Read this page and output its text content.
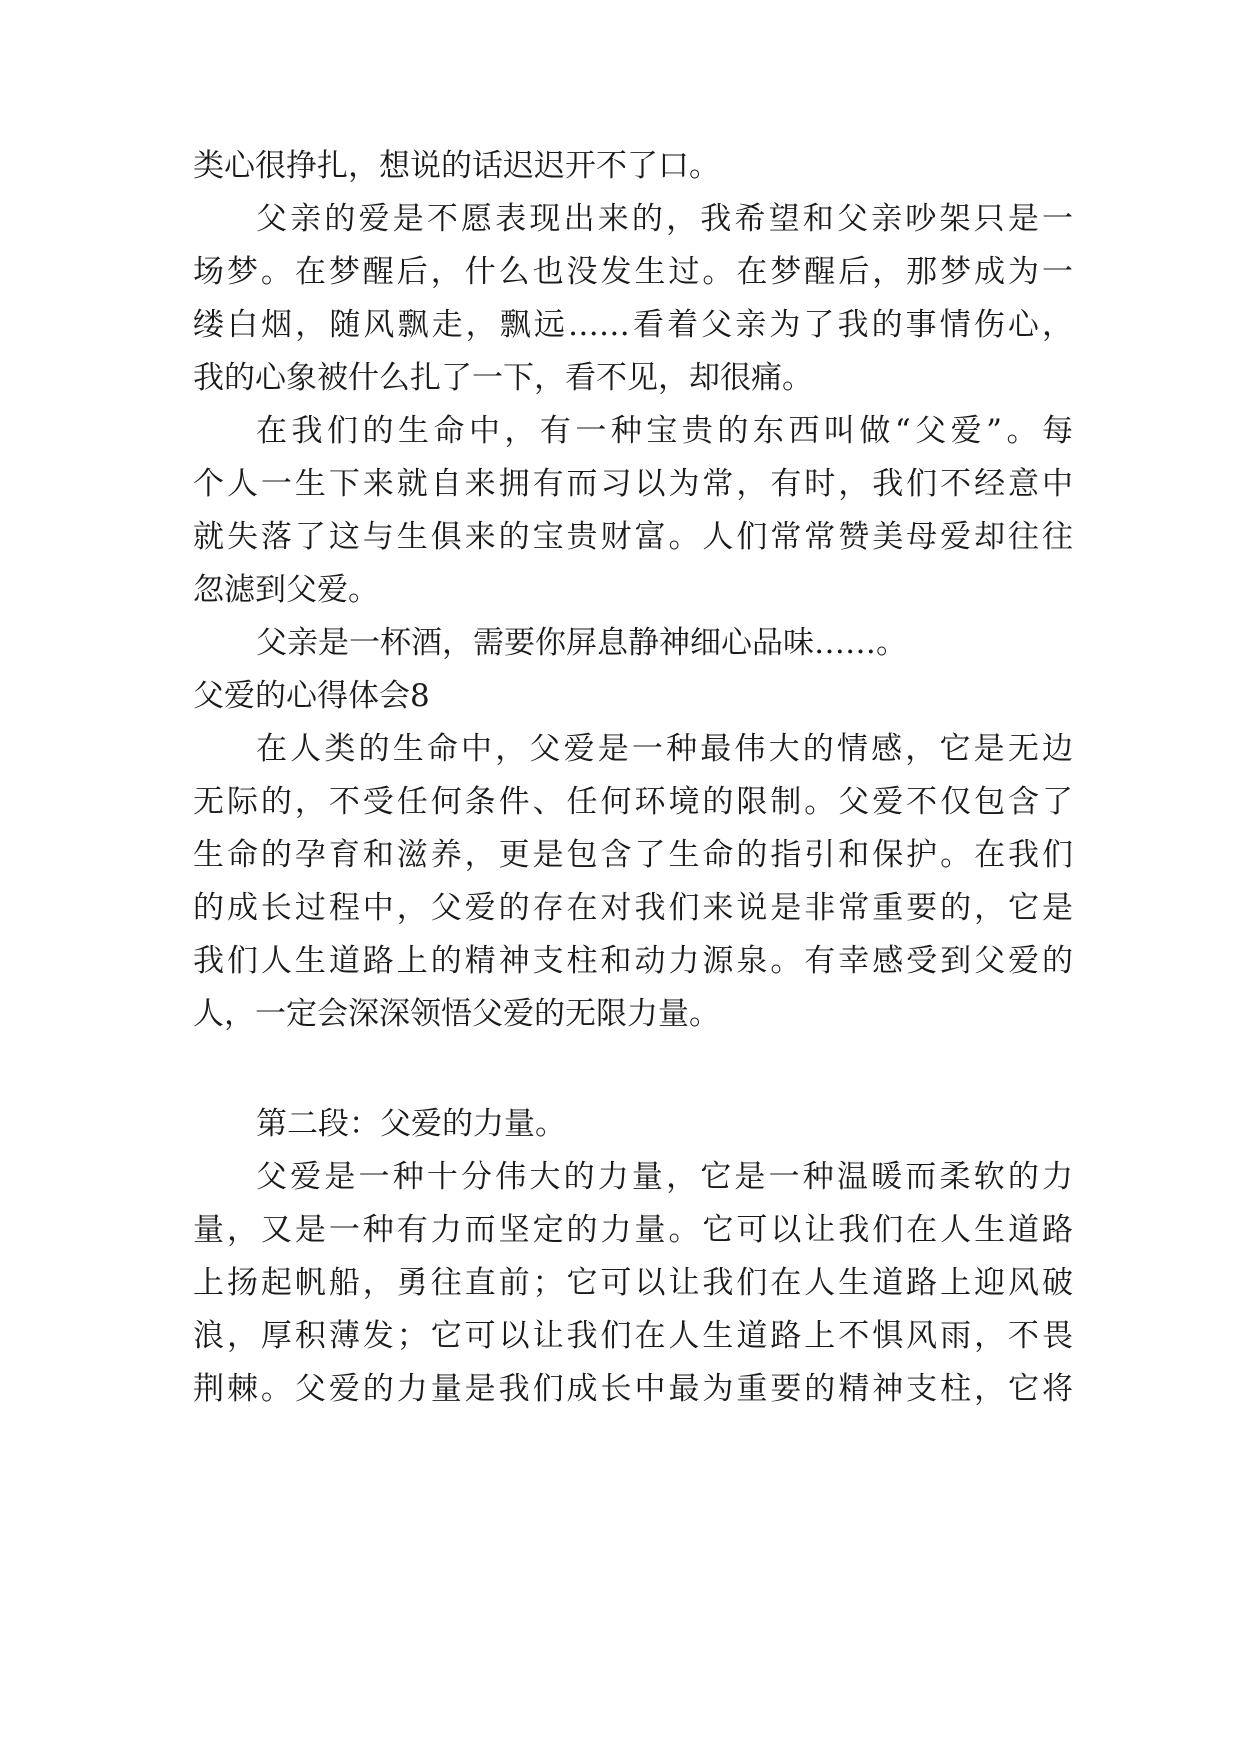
类心很挣扎，想说的话迟迟开不了口。
父亲的爱是不愿表现出来的，我希望和父亲吵架只是一
场梦。在梦醒后，什么也没发生过。在梦醒后，那梦成为一
缕白烟，随风飘走，飘远……看着父亲为了我的事情伤心，
我的心象被什么扎了一下，看不见，却很痛。
在我们的生命中，有一种宝贵的东西叫做“父爱”。每
个人一生下来就自来拥有而习以为常，有时，我们不经意中
就失落了这与生俱来的宝贵财富。人们常常赞美母爱却往往
忽滤到父爱。
父亲是一杯酒，需要你屏息静神细心品味……。
父爱的心得体会8
在人类的生命中，父爱是一种最伟大的情感，它是无边
无际的，不受任何条件、任何环境的限制。父爱不仅包含了
生命的孕育和滋养，更是包含了生命的指引和保护。在我们
的成长过程中，父爱的存在对我们来说是非常重要的，它是
我们人生道路上的精神支柱和动力源泉。有幸感受到父爱的
人，一定会深深领悟父爱的无限力量。
第二段：父爱的力量。
父爱是一种十分伟大的力量，它是一种温暖而柔软的力
量，又是一种有力而坚定的力量。它可以让我们在人生道路
上扬起帆船，勇往直前；它可以让我们在人生道路上迎风破
浪，厚积薄发；它可以让我们在人生道路上不惧风雨，不畏
荆棘。父爱的力量是我们成长中最为重要的精神支柱，它将
